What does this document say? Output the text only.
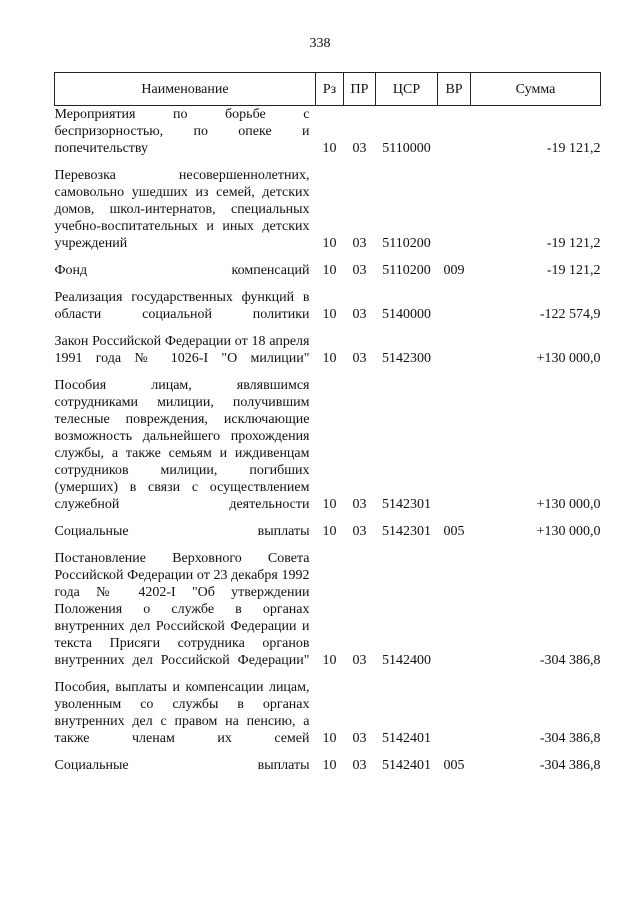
338
Наименование	Рз	ПР	ЦСР	ВР	Сумма
Мероприятия по борьбе с беспризорностью, по опеке и попечительству	10	03	5110000		-19 121,2

Перевозка несовершеннолетних, самовольно ушедших из семей, детских домов, школ-интернатов, специальных учебно-воспитательных и иных детских учреждений	10	03	5110200		-19 121,2

Фонд компенсаций	10	03	5110200	009	-19 121,2

Реализация государственных функций в области социальной политики	10	03	5140000		-122 574,9

Закон Российской Федерации от 18 апреля 1991 года № 1026-I "О милиции"	10	03	5142300		+130 000,0

Пособия лицам, являвшимся сотрудниками милиции, получившим телесные повреждения, исключающие возможность дальнейшего прохождения службы, а также семьям и иждивенцам сотрудников милиции, погибших (умерших) в связи с осуществлением служебной деятельности	10	03	5142301		+130 000,0

Социальные выплаты	10	03	5142301	005	+130 000,0

Постановление Верховного Совета Российской Федерации от 23 декабря 1992 года № 4202-I "Об утверждении Положения о службе в органах внутренних дел Российской Федерации и текста Присяги сотрудника органов внутренних дел Российской Федерации"	10	03	5142400		-304 386,8

Пособия, выплаты и компенсации лицам, уволенным со службы в органах внутренних дел с правом на пенсию, а также членам их семей	10	03	5142401		-304 386,8

Социальные выплаты	10	03	5142401	005	-304 386,8
